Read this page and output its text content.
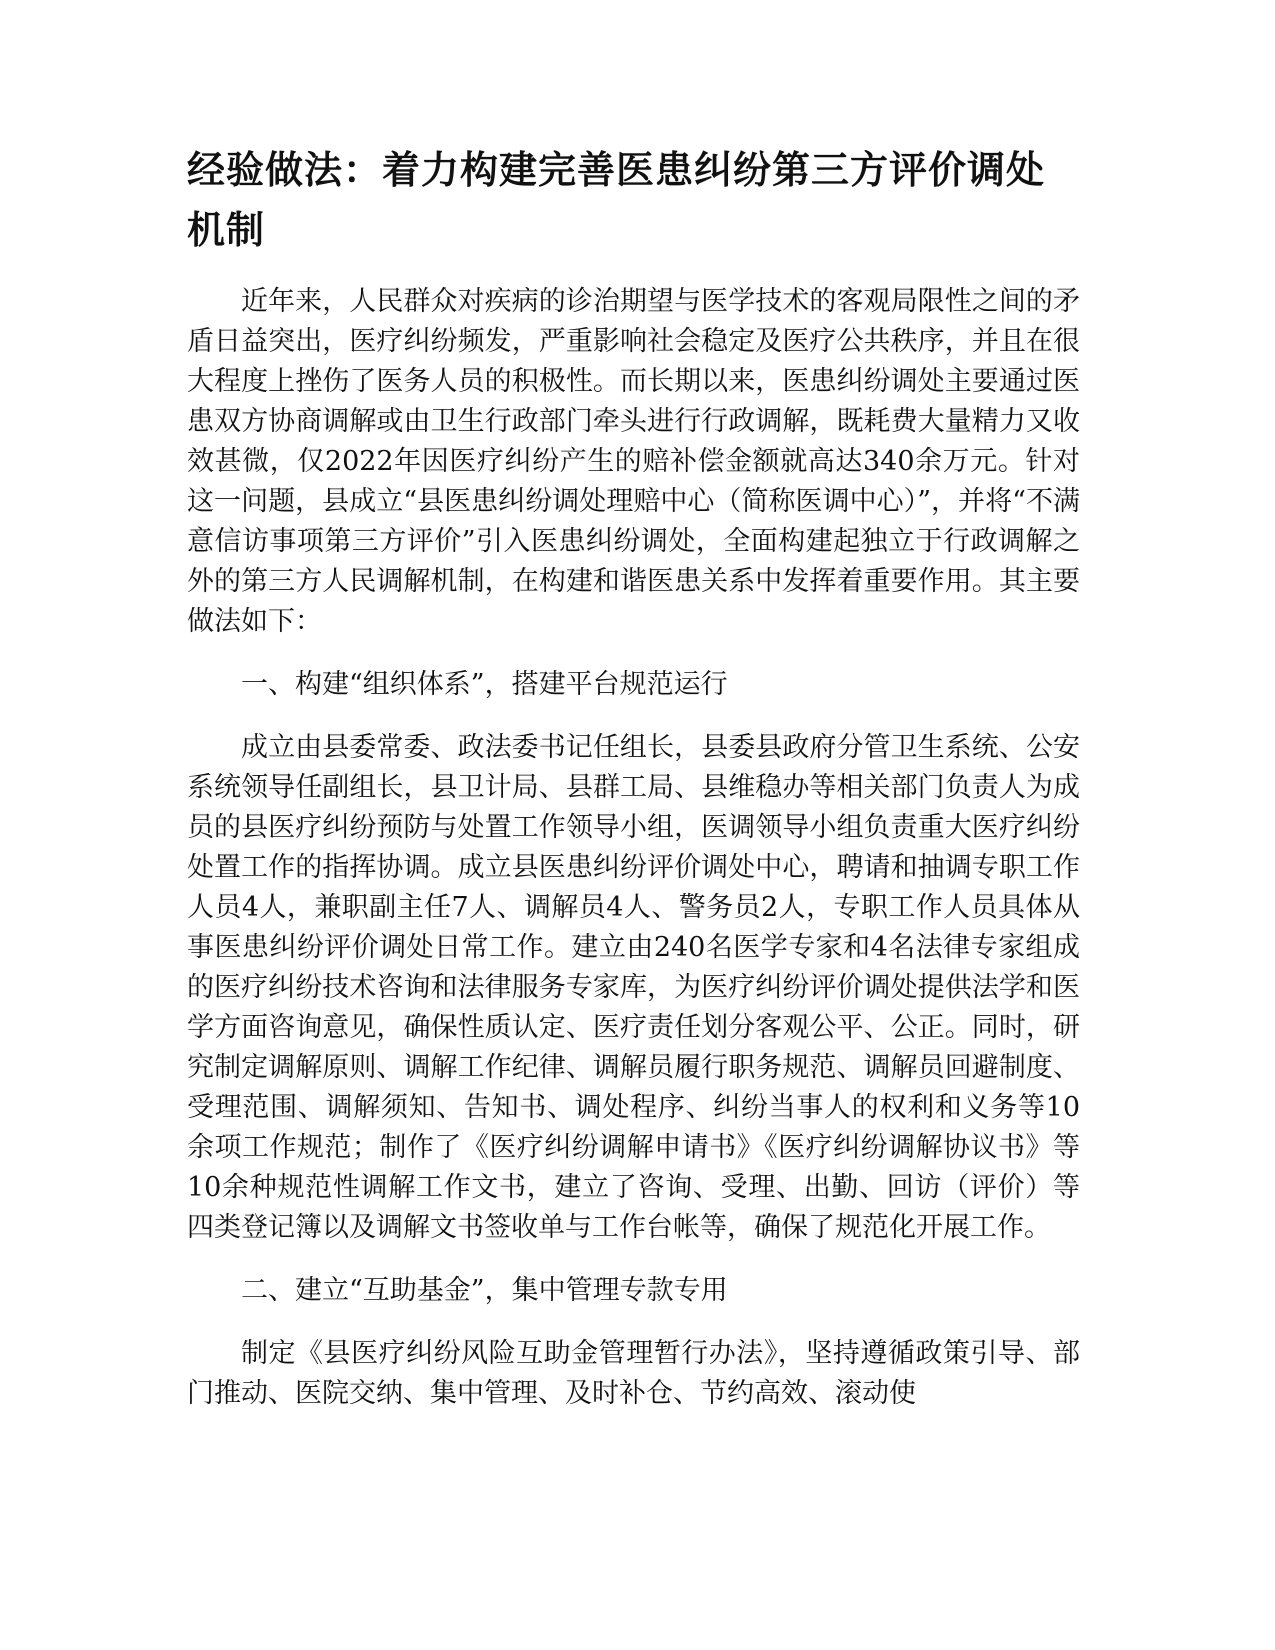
经验做法：着力构建完善医患纠纷第三方评价调处机制

近年来，人民群众对疾病的诊治期望与医学技术的客观局限性之间的矛盾日益突出，医疗纠纷频发，严重影响社会稳定及医疗公共秩序，并且在很大程度上挫伤了医务人员的积极性。而长期以来，医患纠纷调处主要通过医患双方协商调解或由卫生行政部门牵头进行行政调解，既耗费大量精力又收效甚微，仅2022年因医疗纠纷产生的赔补偿金额就高达340余万元。针对这一问题，县成立“县医患纠纷调处理赔中心（简称医调中心）”，并将“不满意信访事项第三方评价”引入医患纠纷调处，全面构建起独立于行政调解之外的第三方人民调解机制，在构建和谐医患关系中发挥着重要作用。其主要做法如下：

一、构建“组织体系”，搭建平台规范运行

成立由县委常委、政法委书记任组长，县委县政府分管卫生系统、公安系统领导任副组长，县卫计局、县群工局、县维稳办等相关部门负责人为成员的县医疗纠纷预防与处置工作领导小组，医调领导小组负责重大医疗纠纷处置工作的指挥协调。成立县医患纠纷评价调处中心，聘请和抽调专职工作人员4人，兼职副主任7人、调解员4人、警务员2人，专职工作人员具体从事医患纠纷评价调处日常工作。建立由240名医学专家和4名法律专家组成的医疗纠纷技术咨询和法律服务专家库，为医疗纠纷评价调处提供法学和医学方面咨询意见，确保性质认定、医疗责任划分客观公平、公正。同时，研究制定调解原则、调解工作纪律、调解员履行职务规范、调解员回避制度、受理范围、调解须知、告知书、调处程序、纠纷当事人的权利和义务等10余项工作规范；制作了《医疗纠纷调解申请书》《医疗纠纷调解协议书》等10余种规范性调解工作文书，建立了咨询、受理、出勤、回访（评价）等四类登记簿以及调解文书签收单与工作台帐等，确保了规范化开展工作。

二、建立“互助基金”，集中管理专款专用

制定《县医疗纠纷风险互助金管理暂行办法》，坚持遵循政策引导、部门推动、医院交纳、集中管理、及时补仓、节约高效、滚动使
